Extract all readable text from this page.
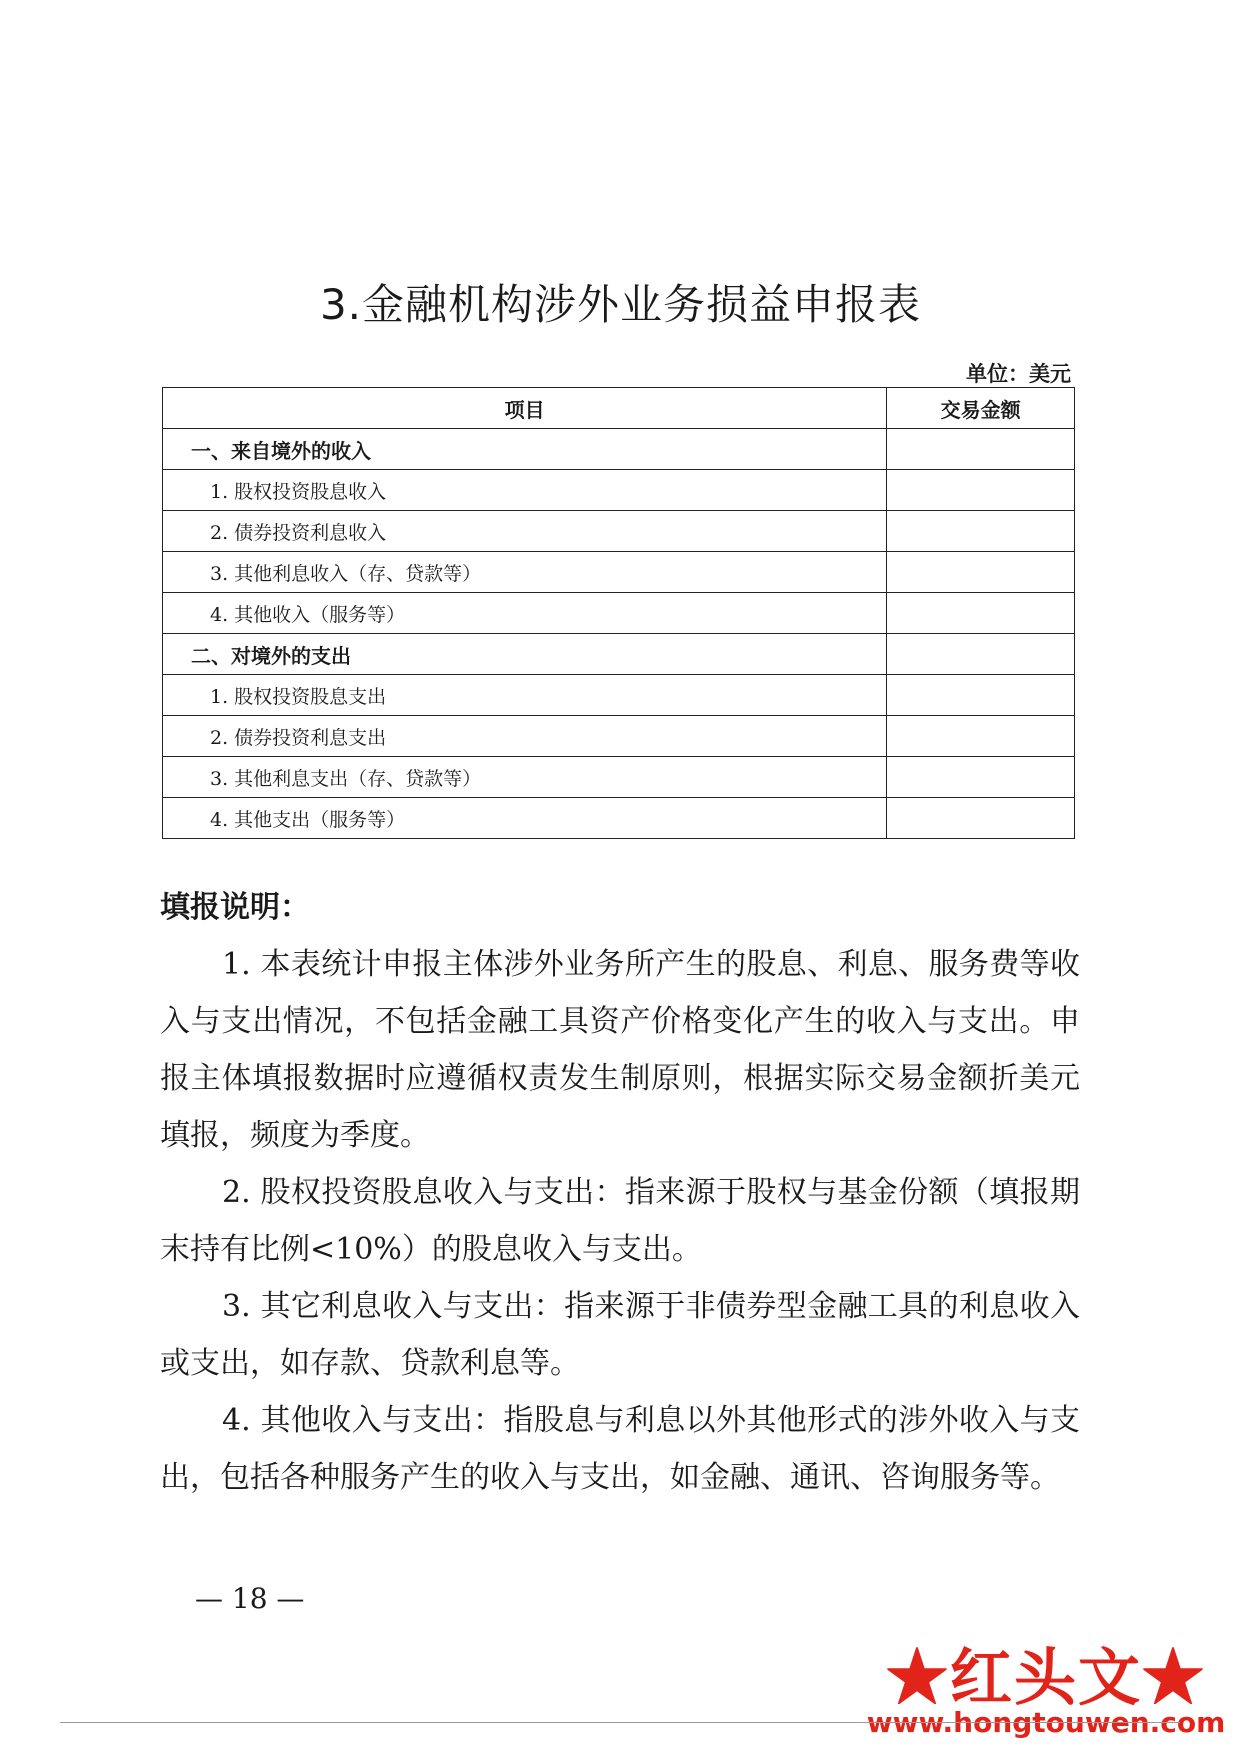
3.金融机构涉外业务损益申报表
单位：美元
项目	交易金额
一、来自境外的收入	
1. 股权投资股息收入	
2. 债券投资利息收入	
3. 其他利息收入（存、贷款等）	
4. 其他收入（服务等）	
二、对境外的支出	
1. 股权投资股息支出	
2. 债券投资利息支出	
3. 其他利息支出（存、贷款等）	
4. 其他支出（服务等）	
填报说明：

1. 本表统计申报主体涉外业务所产生的股息、利息、服务费等收入与支出情况，不包括金融工具资产价格变化产生的收入与支出。申报主体填报数据时应遵循权责发生制原则，根据实际交易金额折美元填报，频度为季度。

2. 股权投资股息收入与支出：指来源于股权与基金份额（填报期末持有比例<10%）的股息收入与支出。

3. 其它利息收入与支出：指来源于非债券型金融工具的利息收入或支出，如存款、贷款利息等。

4. 其他收入与支出：指股息与利息以外其他形式的涉外收入与支出，包括各种服务产生的收入与支出，如金融、通讯、咨询服务等。

— 18 —
★红头文★
www.hongtouwen.com
